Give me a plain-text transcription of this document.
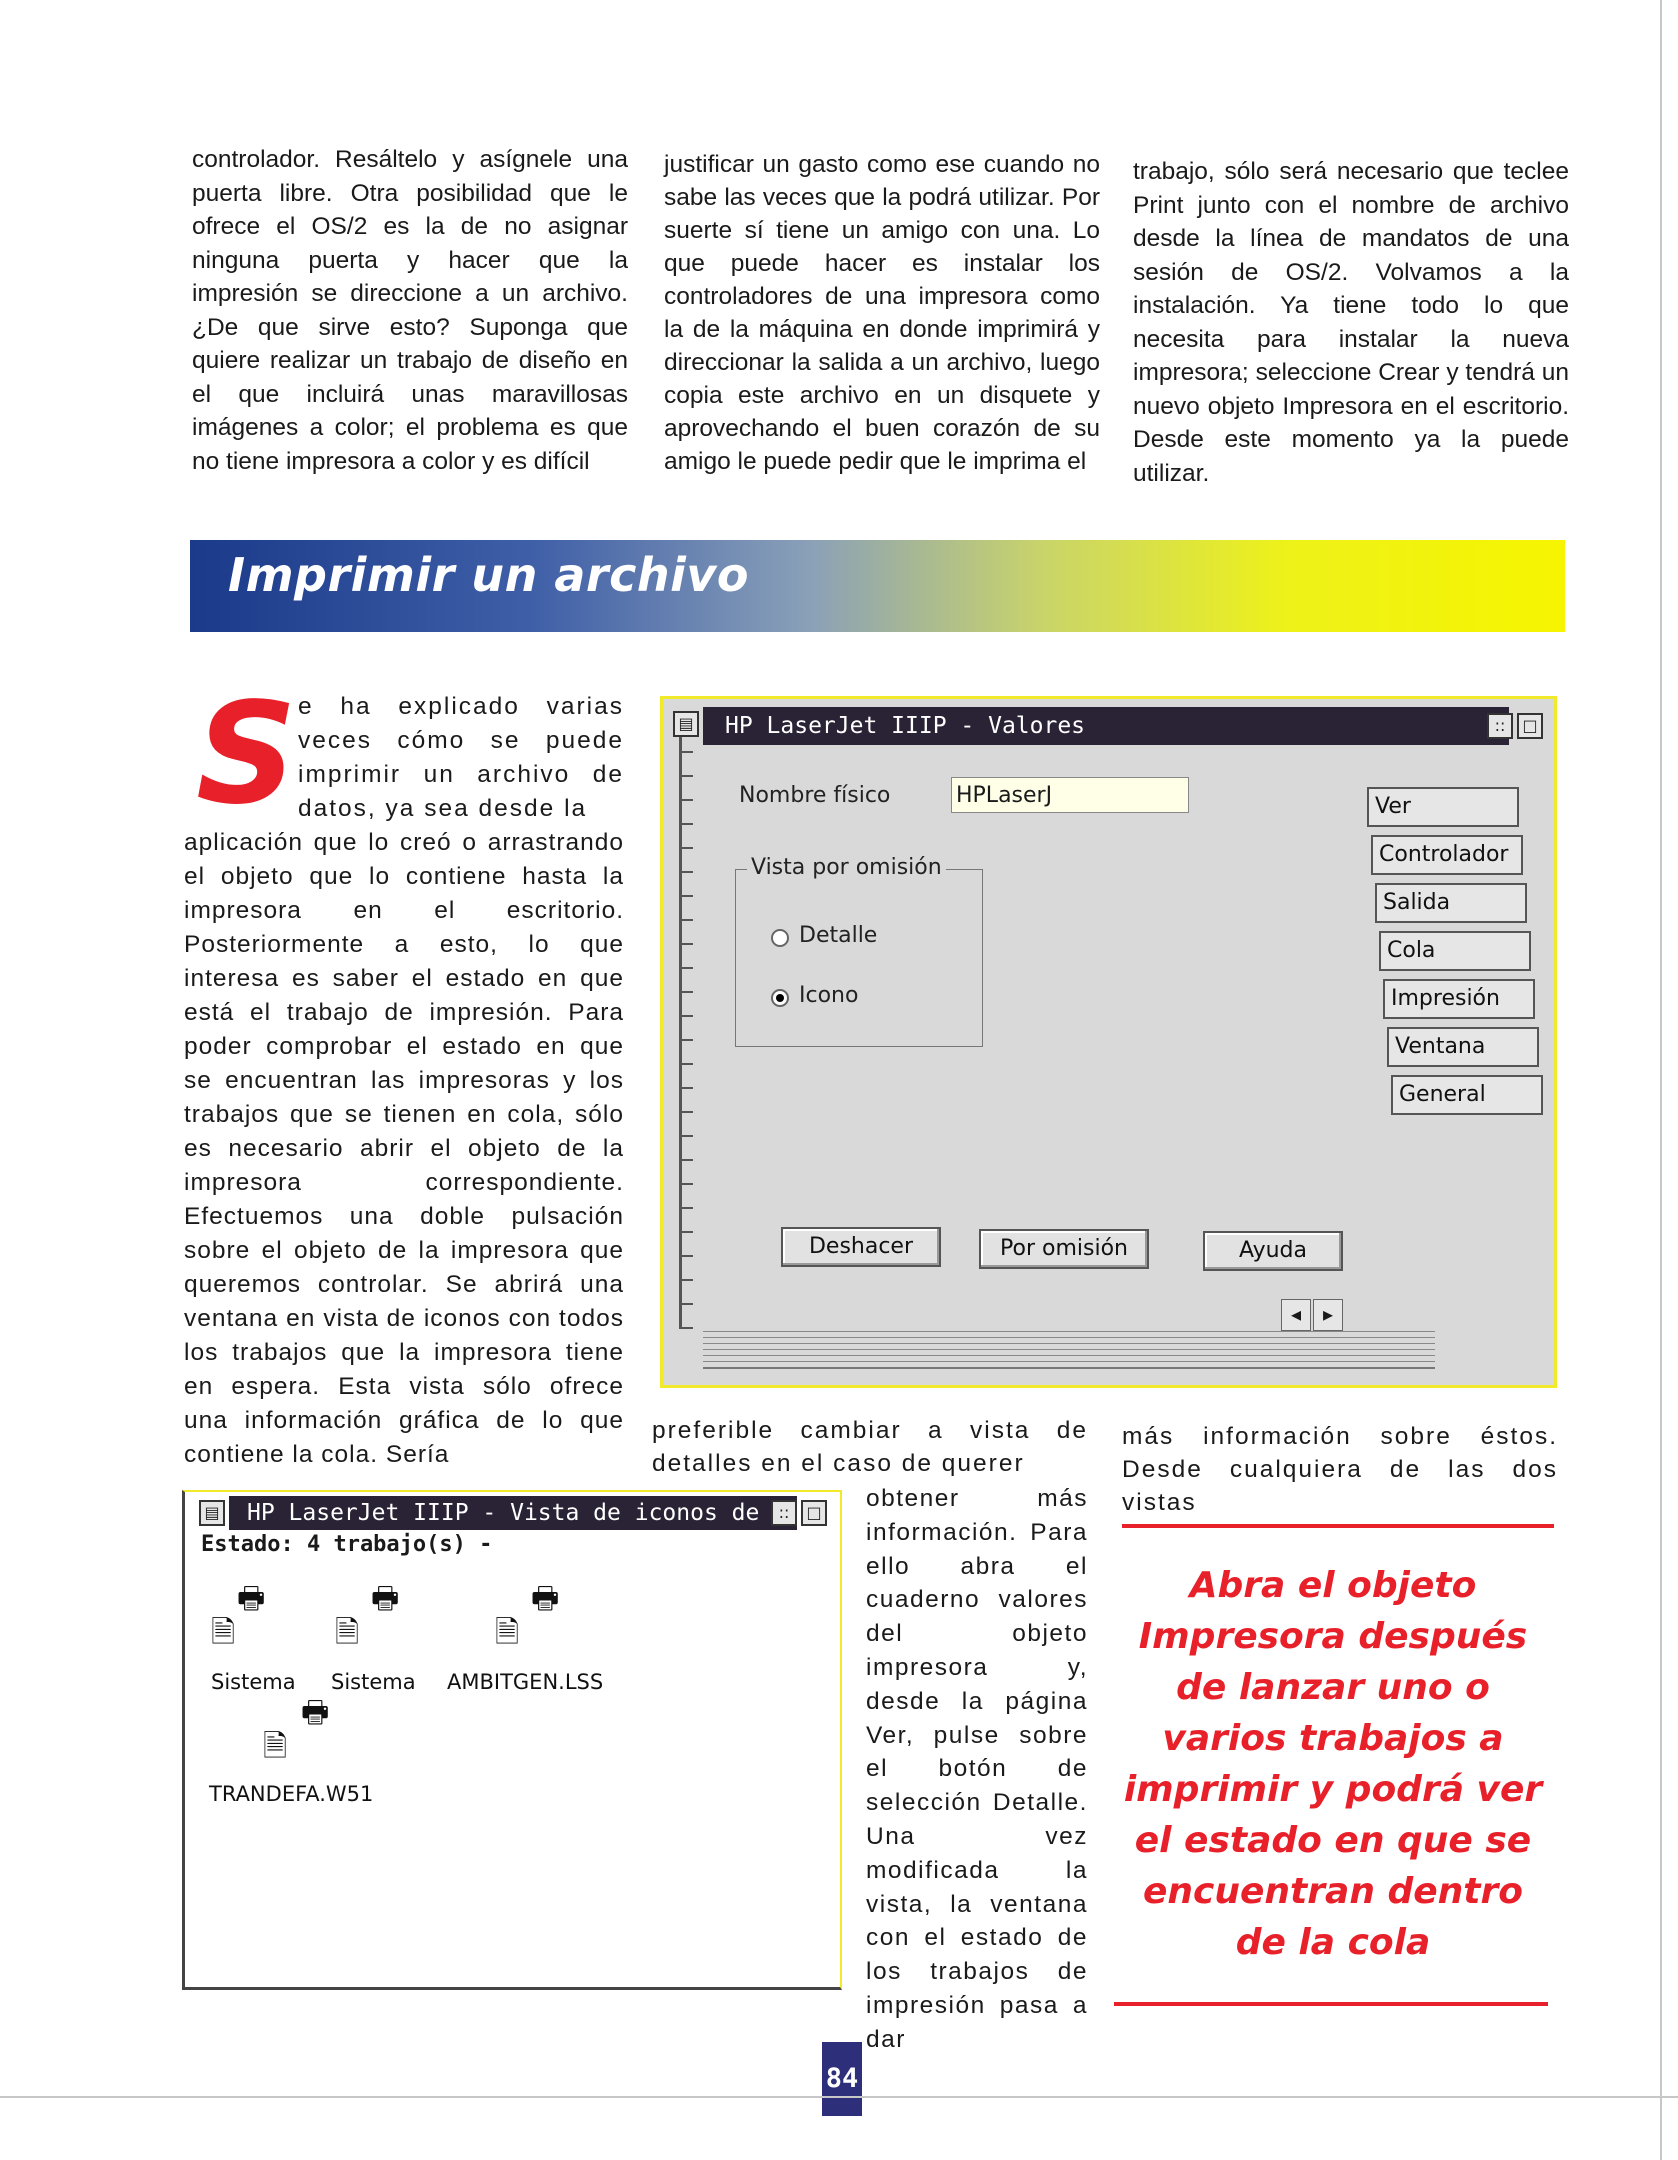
controlador. Resáltelo y asígnele una puerta libre. Otra posibilidad que le ofrece el OS/2 es la de no asignar ninguna puerta y hacer que la impresión se direccione a un archivo. ¿De que sirve esto? Suponga que quiere realizar un trabajo de diseño en el que incluirá unas maravillosas imágenes a color; el problema es que no tiene impresora a color y es difícil

justificar un gasto como ese cuando no sabe las veces que la podrá utilizar. Por suerte sí tiene un amigo con una. Lo que puede hacer es instalar los controladores de una impresora como la de la máquina en donde imprimirá y direccionar la salida a un archivo, luego copia este archivo en un disquete y aprovechando el buen corazón de su amigo le puede pedir que le imprima el

trabajo, sólo será necesario que teclee Print junto con el nombre de archivo desde la línea de mandatos de una sesión de OS/2. Volvamos a la instalación. Ya tiene todo lo que necesita para instalar la nueva impresora; seleccione Crear y tendrá un nuevo objeto Impresora en el escritorio. Desde este momento ya la puede utilizar.

Imprimir un archivo
S e ha explicado varias veces cómo se puede imprimir un archivo de datos, ya sea desde la

aplicación que lo creó o arrastrando el objeto que lo contiene hasta la impresora en el escritorio. Posteriormente a esto, lo que interesa es saber el estado en que está el trabajo de impresión. Para poder comprobar el estado en que se encuentran las impresoras y los trabajos que se tienen en cola, sólo es necesario abrir el objeto de la impresora correspondiente. Efectuemos una doble pulsación sobre el objeto de la impresora que queremos controlar. Se abrirá una ventana en vista de iconos con todos los trabajos que la impresora tiene en espera. Esta vista sólo ofrece una información gráfica de lo que contiene la cola. Sería

▤ HP LaserJet IIIP - Valores	::	□
Nombre físico	HPLaserJ
Vista por omisión
Detalle
Icono
Ver
Controlador
Salida
Cola
Impresión
Ventana
General
Deshacer	Por omisión	Ayuda
◂	▸

preferible cambiar a vista de detalles en el caso de querer

obtener más información. Para ello abra el cuaderno valores del objeto impresora y, desde la página Ver, pulse sobre el botón de selección Detalle. Una vez modificada la vista, la ventana con el estado de los trabajos de impresión pasa a dar

más información sobre éstos. Desde cualquiera de las dos vistas

▤ HP LaserJet IIIP - Vista de iconos de	::	□
Estado: 4 trabajo(s) -
🖶
🗎
Sistema
🖶
🗎
Sistema
🖶
🗎
AMBITGEN.LSS
🖶
🗎
TRANDEFA.W51
Abra el objeto Impresora después de lanzar uno o varios trabajos a imprimir y podrá ver el estado en que se encuentran dentro de la cola
84
